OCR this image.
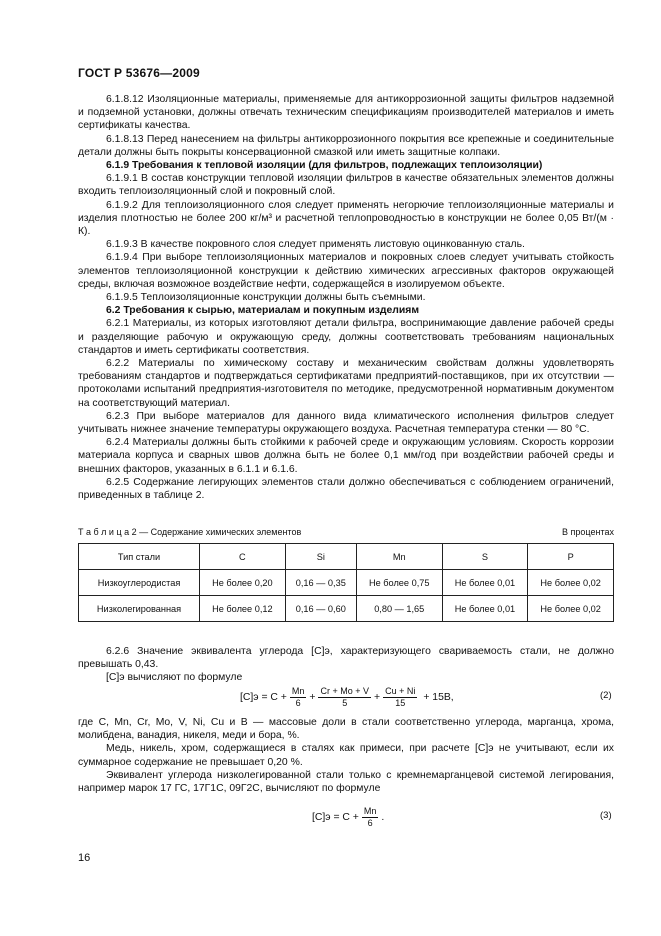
ГОСТ Р 53676—2009

6.1.8.12 Изоляционные материалы, применяемые для антикоррозионной защиты фильтров надземной и подземной установки, должны отвечать техническим спецификациям производителей материалов и иметь сертификаты качества.

6.1.8.13 Перед нанесением на фильтры антикоррозионного покрытия все крепежные и соединительные детали должны быть покрыты консервационной смазкой или иметь защитные колпаки.

6.1.9 Требования к тепловой изоляции (для фильтров, подлежащих теплоизоляции)

6.1.9.1 В состав конструкции тепловой изоляции фильтров в качестве обязательных элементов должны входить теплоизоляционный слой и покровный слой.

6.1.9.2 Для теплоизоляционного слоя следует применять негорючие теплоизоляционные материалы и изделия плотностью не более 200 кг/м³ и расчетной теплопроводностью в конструкции не более 0,05 Вт/(м · К).

6.1.9.3 В качестве покровного слоя следует применять листовую оцинкованную сталь.

6.1.9.4 При выборе теплоизоляционных материалов и покровных слоев следует учитывать стойкость элементов теплоизоляционной конструкции к действию химических агрессивных факторов окружающей среды, включая возможное воздействие нефти, содержащейся в изолируемом объекте.

6.1.9.5 Теплоизоляционные конструкции должны быть съемными.

6.2 Требования к сырью, материалам и покупным изделиям

6.2.1 Материалы, из которых изготовляют детали фильтра, воспринимающие давление рабочей среды и разделяющие рабочую и окружающую среду, должны соответствовать требованиям национальных стандартов и иметь сертификаты соответствия.

6.2.2 Материалы по химическому составу и механическим свойствам должны удовлетворять требованиям стандартов и подтверждаться сертификатами предприятий-поставщиков, при их отсутствии — протоколами испытаний предприятия-изготовителя по методике, предусмотренной нормативным документом на соответствующий материал.

6.2.3 При выборе материалов для данного вида климатического исполнения фильтров следует учитывать нижнее значение температуры окружающего воздуха. Расчетная температура стенки — 80 °С.

6.2.4 Материалы должны быть стойкими к рабочей среде и окружающим условиям. Скорость коррозии материала корпуса и сварных швов должна быть не более 0,1 мм/год при воздействии рабочей среды и внешних факторов, указанных в 6.1.1 и 6.1.6.

6.2.5 Содержание легирующих элементов стали должно обеспечиваться с соблюдением ограничений, приведенных в таблице 2.

Т а б л и ц а 2 — Содержание химических элементов	В процентах
Тип стали	С	Si	Mn	S	P
Низкоуглеродистая	Не более 0,20	0,16 — 0,35	Не более 0,75	Не более 0,01	Не более 0,02
Низколегированная	Не более 0,12	0,16 — 0,60	0,80 — 1,65	Не более 0,01	Не более 0,02

6.2.6 Значение эквивалента углерода [С]э, характеризующего свариваемость стали, не должно превышать 0,43.

[С]э вычисляют по формуле

$[С]э = С + \frac{Mn}{6} + \frac{Cr + Mo + V}{5} + \frac{Cu + Ni}{15} + 15В$,	(2)

где С, Mn, Cr, Mo, V, Ni, Cu и B — массовые доли в стали соответственно углерода, марганца, хрома, молибдена, ванадия, никеля, меди и бора, %.

Медь, никель, хром, содержащиеся в сталях как примеси, при расчете [С]э не учитывают, если их суммарное содержание не превышает 0,20 %.

Эквивалент углерода низколегированной стали только с кремнемарганцевой системой легирования, например марок 17 ГС, 17Г1С, 09Г2С, вычисляют по формуле

$[С]э = С + \frac{Mn}{6}$ .	(3)
16
